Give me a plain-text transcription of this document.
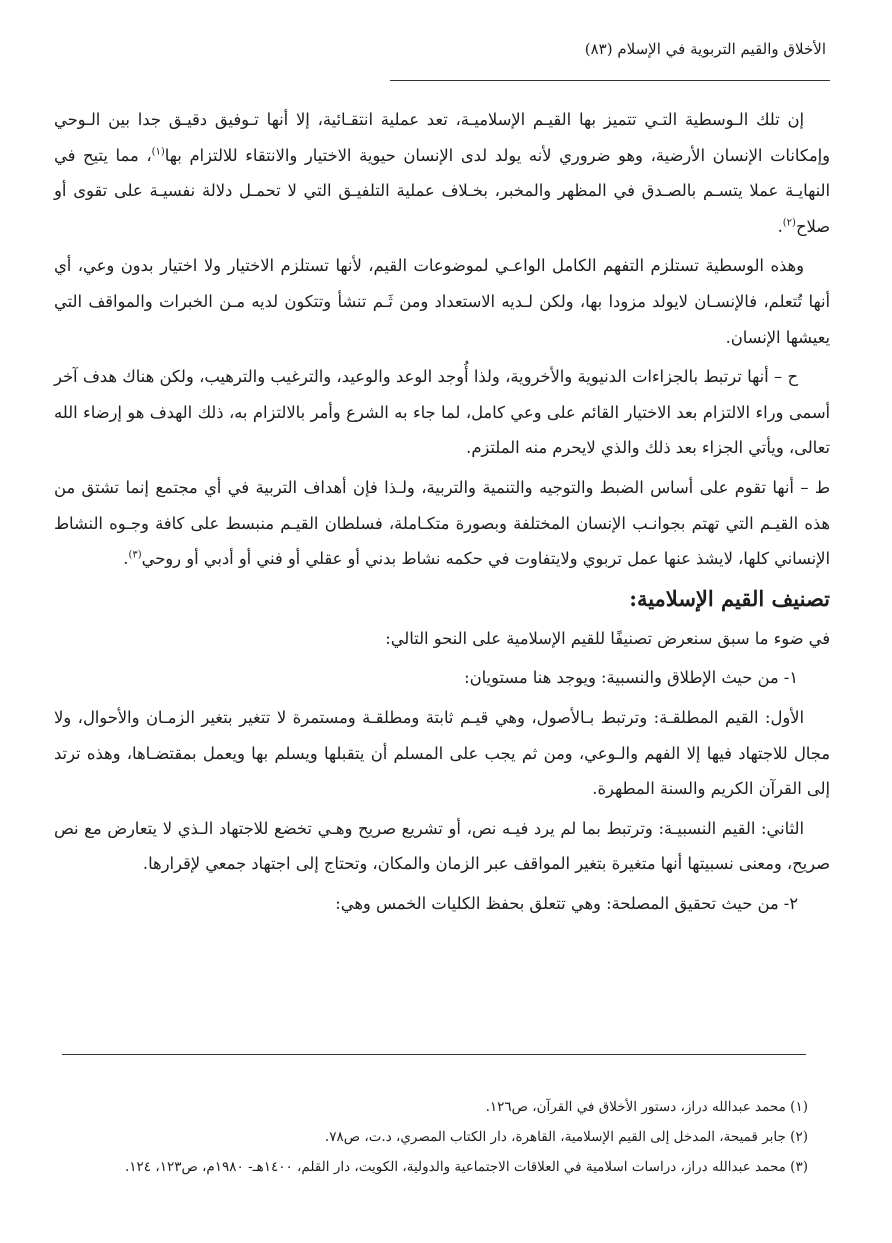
الأخلاق والقيم التربوية في الإسلام (٨٣)

إن تلك الـوسطية التـي تتميز بها القيـم الإسلاميـة، تعد عملية انتقـائية، إلا أنها تـوفيق دقيـق جدا بين الـوحي وإمكانات الإنسان الأرضية، وهو ضروري لأنه يولد لدى الإنسان حيوية الاختيار والانتقاء للالتزام بها$^{(١)}$، مما يتيح في النهايـة عملا يتسـم بالصـدق في المظهر والمخبر، بخـلاف عملية التلفيـق التي لا تحمـل دلالة نفسيـة على تقوى أو صلاح$^{(٢)}$.

وهذه الوسطية تستلزم التفهم الكامل الواعـي لموضوعات القيم، لأنها تستلزم الاختيار ولا اختيار بدون وعي، أي أنها تُتعلم، فالإنسـان لايولد مزودا بها، ولكن لـديه الاستعداد ومن ثَـم تنشأ وتتكون لديه مـن الخبرات والمواقف التي يعيشها الإنسان.

ح – أنها ترتبط بالجزاءات الدنيوية والأخروية، ولذا أُوجد الوعد والوعيد، والترغيب والترهيب، ولكن هناك هدف آخر أسمى وراء الالتزام بعد الاختيار القائم على وعي كامل، لما جاء به الشرع وأمر بالالتزام به، ذلك الهدف هو إرضاء الله تعالى، ويأتي الجزاء بعد ذلك والذي لايحرم منه الملتزم.

ط – أنها تقوم على أساس الضبط والتوجيه والتنمية والتربية، ولـذا فإن أهداف التربية في أي مجتمع إنما تشتق من هذه القيـم التي تهتم بجوانـب الإنسان المختلفة وبصورة متكـاملة، فسلطان القيـم منبسط على كافة وجـوه النشاط الإنساني كلها، لايشذ عنها عمل تربوي ولايتفاوت في حكمه نشاط بدني أو عقلي أو فني أو أدبي أو روحي$^{(٣)}$.

تصنيف القيم الإسلامية:

في ضوء ما سبق سنعرض تصنيفًا للقيم الإسلامية على النحو التالي:

١- من حيث الإطلاق والنسبية: ويوجد هنا مستويان:

الأول: القيم المطلقـة: وترتبط بـالأصول، وهي قيـم ثابتة ومطلقـة ومستمرة لا تتغير بتغير الزمـان والأحوال، ولا مجال للاجتهاد فيها إلا الفهم والـوعي، ومن ثم يجب على المسلم أن يتقبلها ويسلم بها ويعمل بمقتضـاها، وهذه ترتد إلى القرآن الكريم والسنة المطهرة.

الثاني: القيم النسبيـة: وترتبط بما لم يرد فيـه نص، أو تشريع صريح وهـي تخضع للاجتهاد الـذي لا يتعارض مع نص صريح، ومعنى نسبيتها أنها متغيرة بتغير المواقف عبر الزمان والمكان، وتحتاج إلى اجتهاد جمعي لإقرارها.

٢- من حيث تحقيق المصلحة: وهي تتعلق بحفظ الكليات الخمس وهي:

(١) محمد عبدالله دراز، دستور الأخلاق في القرآن، ص١٢٦.

(٢) جابر قميحة، المدخل إلى القيم الإسلامية، القاهرة، دار الكتاب المصري، د.ت، ص٧٨.

(٣) محمد عبدالله دراز، دراسات اسلامية في العلاقات الاجتماعية والدولية، الكويت، دار القلم، ١٤٠٠هـ- ١٩٨٠م، ص١٢٣، ١٢٤.
